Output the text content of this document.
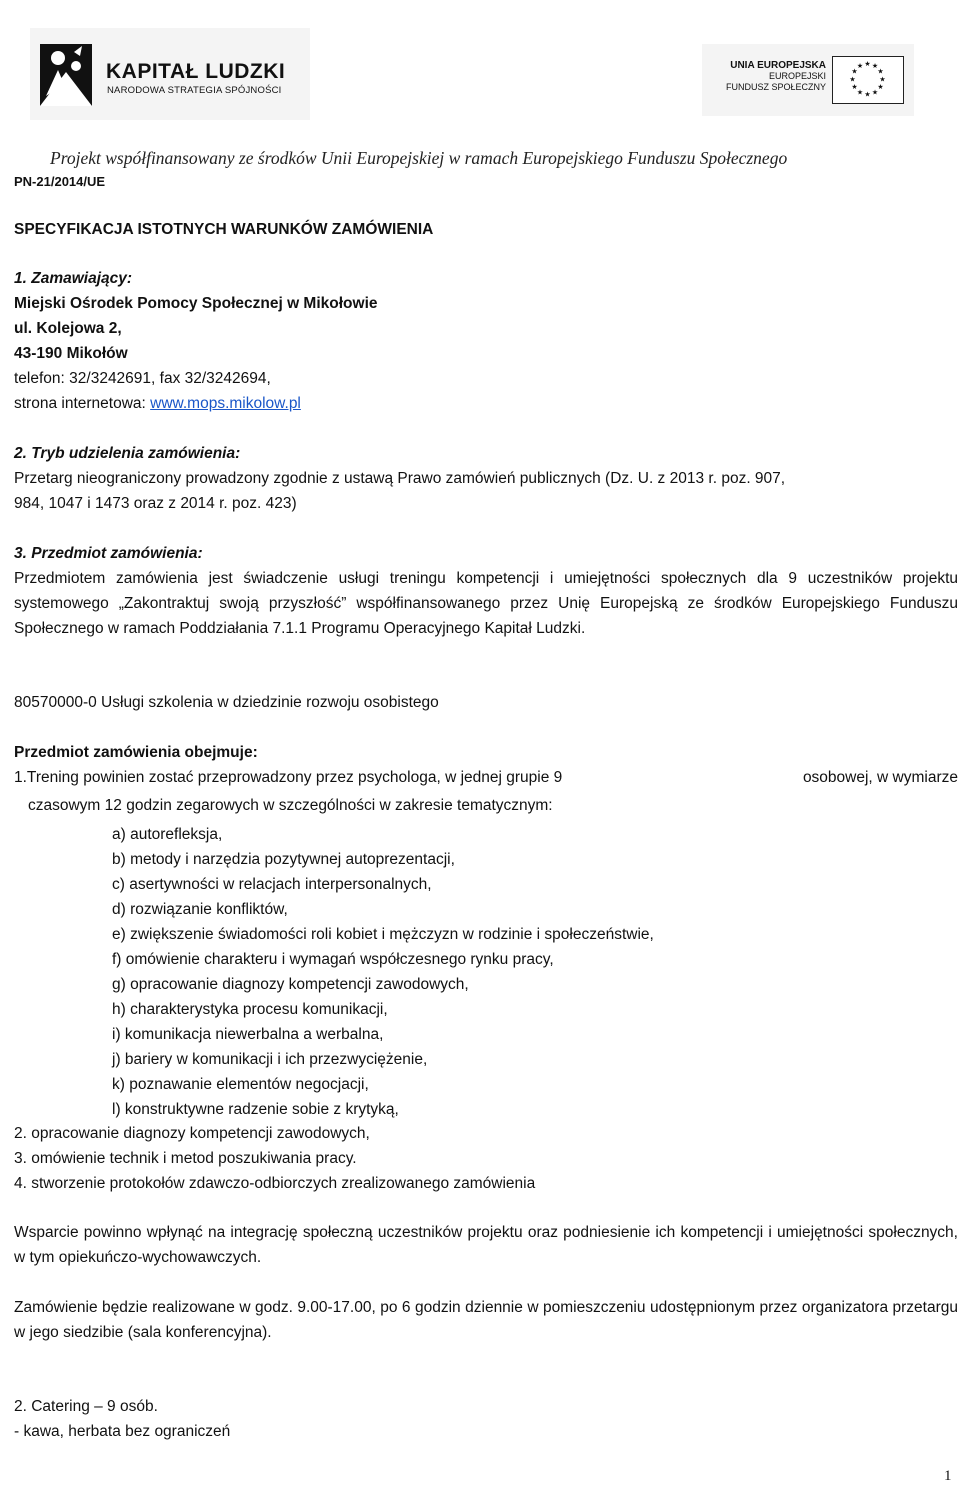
KAPITAŁ LUDZKI
NARODOWA STRATEGIA SPÓJNOŚCI
UNIA EUROPEJSKA
EUROPEJSKI
FUNDUSZ SPOŁECZNY
★ ★
★
★
★
★
★
★
★
★
★
★
Projekt współfinansowany ze środków Unii Europejskiej w ramach Europejskiego Funduszu Społecznego
PN-21/2014/UE
SPECYFIKACJA ISTOTNYCH WARUNKÓW ZAMÓWIENIA
1. Zamawiający:
Miejski Ośrodek Pomocy Społecznej w Mikołowie
ul. Kolejowa 2,
43-190 Mikołów
telefon: 32/3242691, fax 32/3242694,
strona internetowa: www.mops.mikolow.pl
2. Tryb udzielenia zamówienia:
Przetarg nieograniczony prowadzony zgodnie z ustawą Prawo zamówień publicznych (Dz. U. z 2013 r. poz. 907,
984, 1047 i 1473 oraz z 2014 r. poz. 423)
3. Przedmiot zamówienia:
Przedmiotem zamówienia jest świadczenie usługi treningu kompetencji i umiejętności społecznych dla 9 uczestników projektu systemowego „Zakontraktuj swoją przyszłość” współfinansowanego przez Unię Europejską ze środków Europejskiego Funduszu Społecznego w ramach Poddziałania 7.1.1 Programu Operacyjnego Kapitał Ludzki.
80570000-0 Usługi szkolenia w dziedzinie rozwoju osobistego
Przedmiot zamówienia obejmuje:
1.Trening powinien zostać przeprowadzony przez psychologa, w jednej grupie 9	osobowej, w wymiarze
czasowym 12 godzin zegarowych w szczególności w zakresie tematycznym:
a) autorefleksja,
b) metody i narzędzia pozytywnej autoprezentacji,
c) asertywności w relacjach interpersonalnych,
d) rozwiązanie konfliktów,
e) zwiększenie świadomości roli kobiet i mężczyzn w rodzinie i społeczeństwie,
f) omówienie charakteru i wymagań współczesnego rynku pracy,
g) opracowanie diagnozy kompetencji zawodowych,
h) charakterystyka procesu komunikacji,
i) komunikacja niewerbalna a werbalna,
j) bariery w komunikacji i ich przezwyciężenie,
k) poznawanie elementów negocjacji,
l) konstruktywne radzenie sobie z krytyką,
2. opracowanie diagnozy kompetencji zawodowych,
3. omówienie technik i metod poszukiwania pracy.
4. stworzenie protokołów zdawczo-odbiorczych zrealizowanego zamówienia
Wsparcie powinno wpłynąć na integrację społeczną uczestników projektu oraz podniesienie ich kompetencji i umiejętności społecznych, w tym opiekuńczo-wychowawczych.
Zamówienie będzie realizowane w godz. 9.00-17.00, po 6 godzin dziennie w pomieszczeniu udostępnionym przez organizatora przetargu w jego siedzibie (sala konferencyjna).
2. Catering – 9 osób.
- kawa, herbata bez ograniczeń
1
